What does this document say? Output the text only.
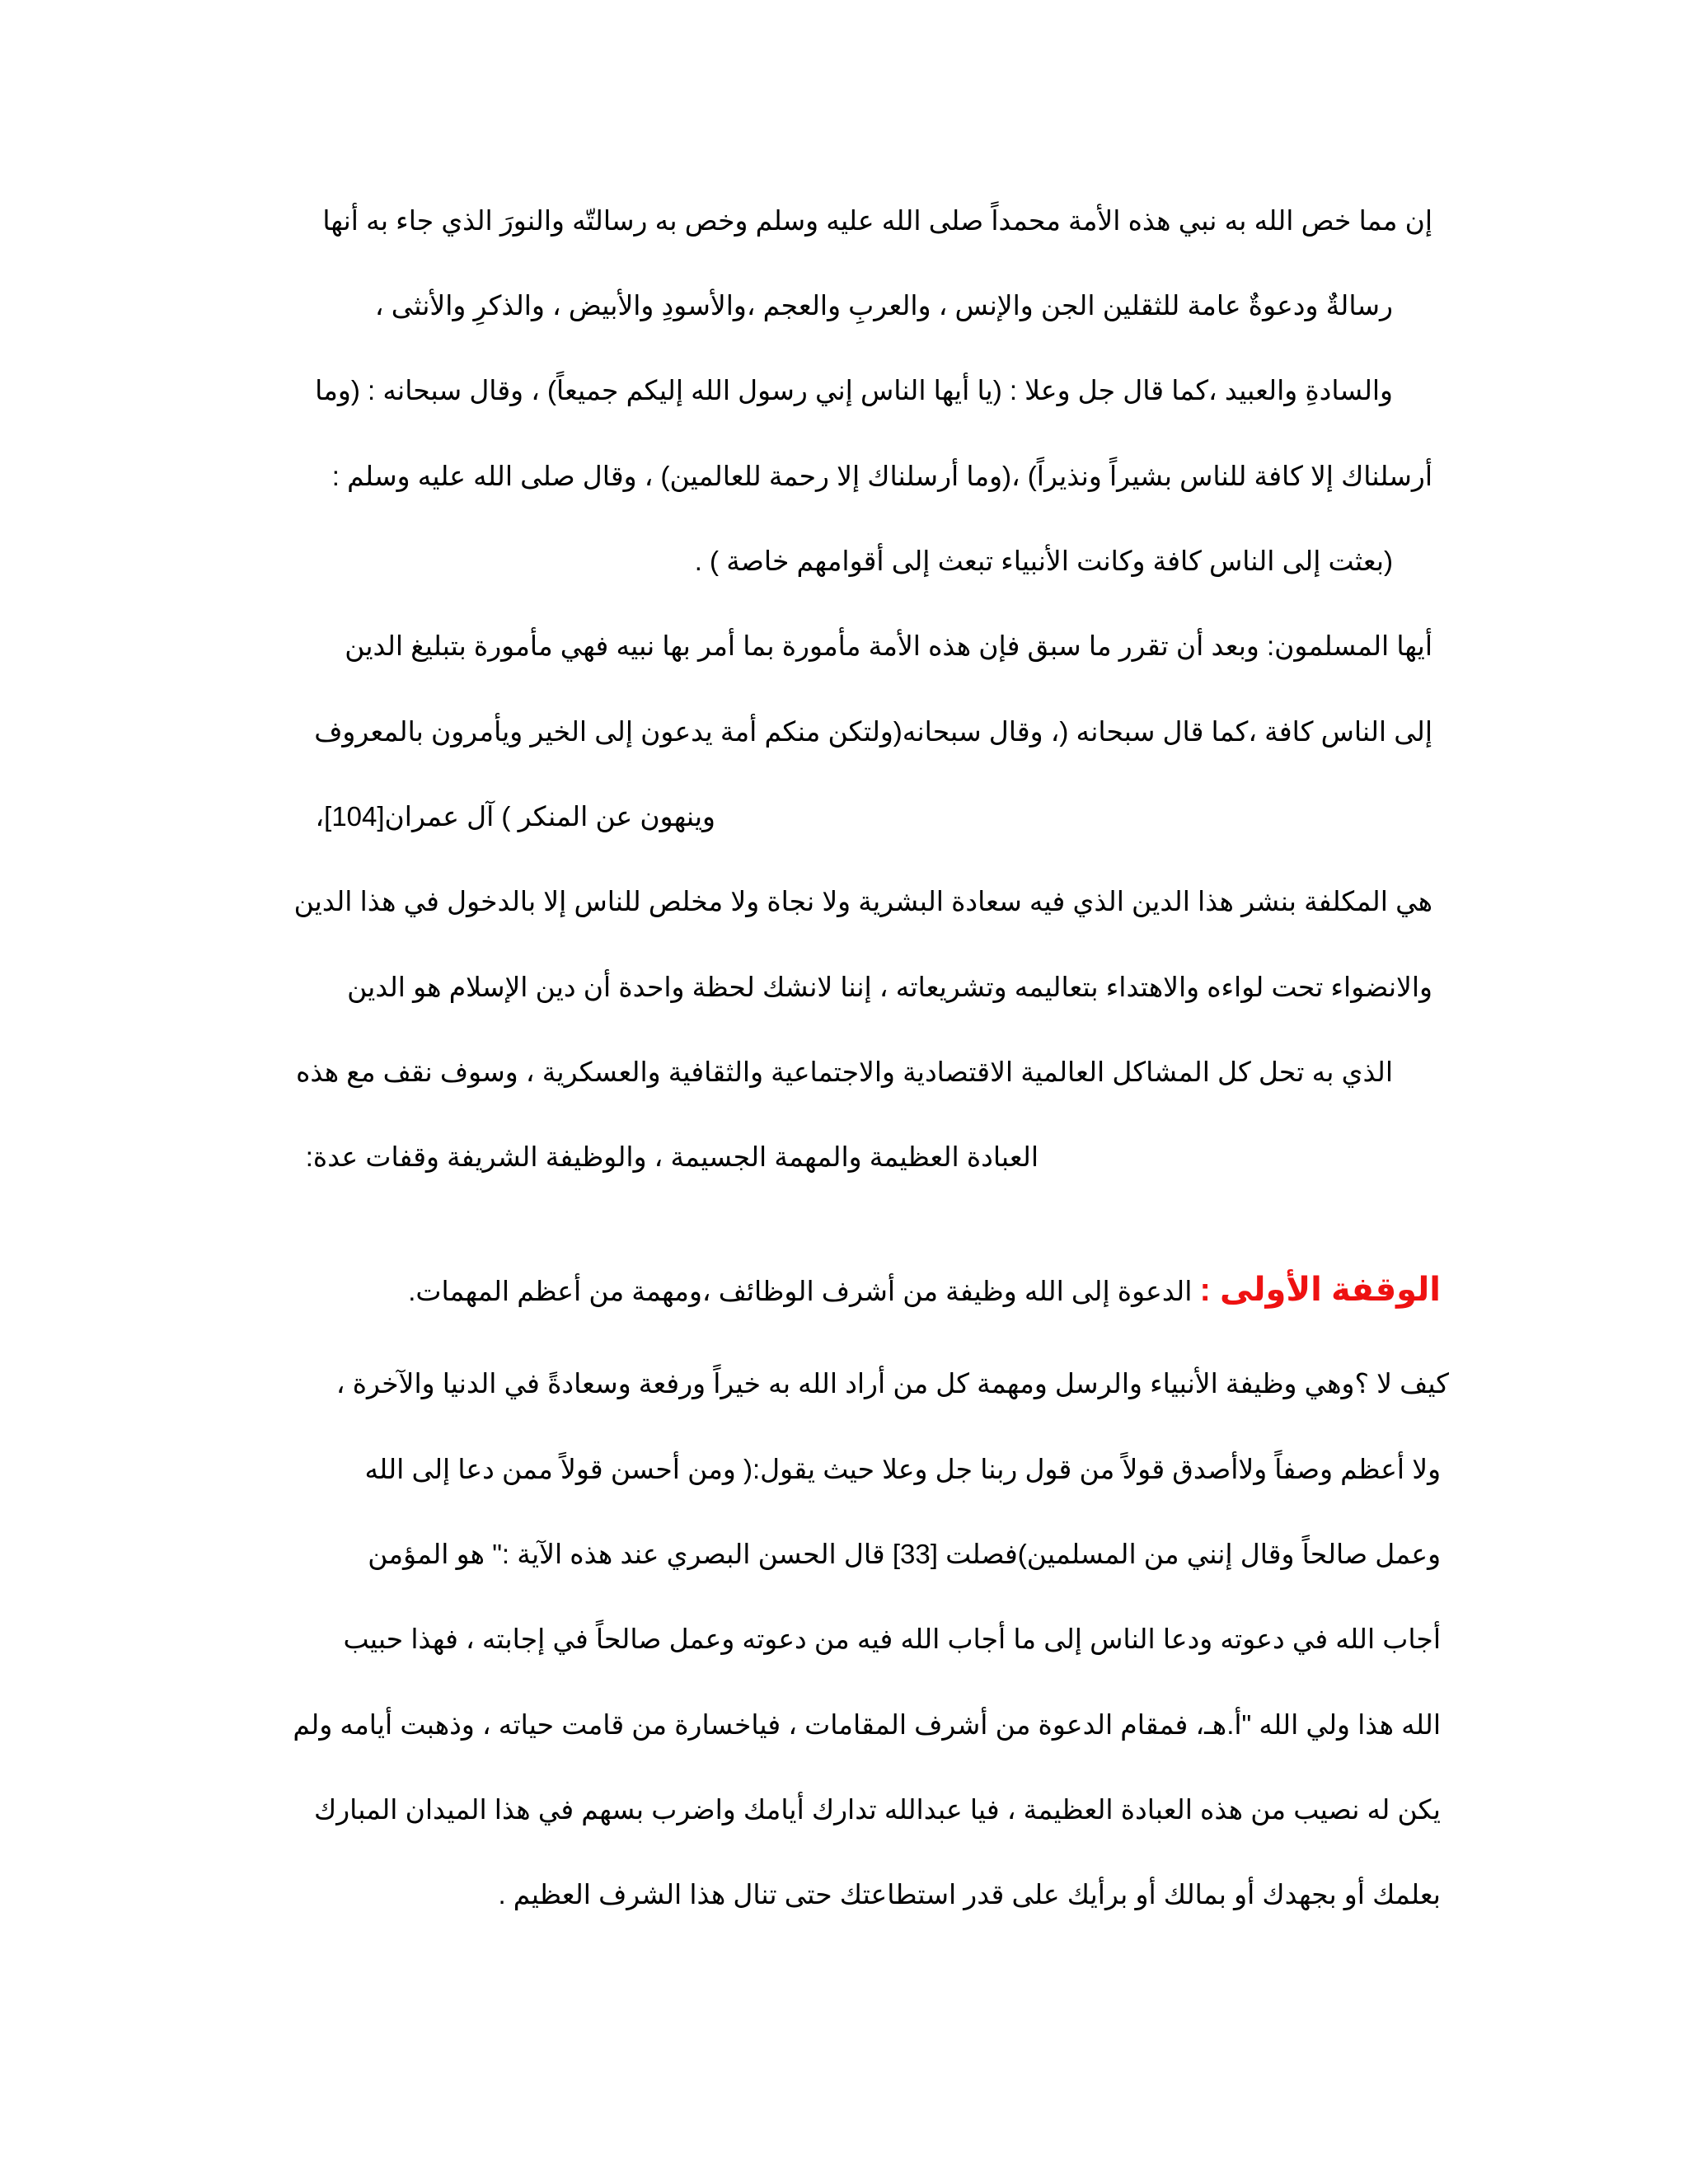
إن مما خص الله به نبي هذه الأمة محمداً صلى الله عليه وسلم وخص به رسالتّه والنورَ الذي جاء به أنها
رسالةٌ ودعوةٌ عامة للثقلين الجن والإنس ، والعربِ والعجم ،والأسودِ والأبيض ، والذكرِ والأنثى ،
والسادةِ والعبيد ،كما قال جل وعلا : (يا أيها الناس إني رسول الله إليكم جميعاً) ، وقال سبحانه : (وما
أرسلناك إلا كافة للناس بشيراً ونذيراً) ،(وما أرسلناك إلا رحمة للعالمين) ، وقال صلى الله عليه وسلم :
(بعثت إلى الناس كافة وكانت الأنبياء تبعث إلى أقوامهم خاصة ) .
أيها المسلمون: وبعد أن تقرر ما سبق فإن هذه الأمة مأمورة بما أمر بها نبيه فهي مأمورة بتبليغ الدين
إلى الناس كافة ،كما قال سبحانه (، وقال سبحانه(ولتكن منكم أمة يدعون إلى الخير ويأمرون بالمعروف
وينهون عن المنكر ) آل عمران[104]،
هي المكلفة بنشر هذا الدين الذي فيه سعادة البشرية ولا نجاة ولا مخلص للناس إلا بالدخول في هذا الدين
والانضواء تحت لواءه والاهتداء بتعاليمه وتشريعاته ، إننا لانشك لحظة واحدة أن دين الإسلام هو الدين
الذي به تحل كل المشاكل العالمية الاقتصادية والاجتماعية والثقافية والعسكرية ، وسوف نقف مع هذه
العبادة العظيمة والمهمة الجسيمة ، والوظيفة الشريفة وقفات عدة:
الوقفة الأولى : الدعوة إلى الله وظيفة من أشرف الوظائف ،ومهمة من أعظم المهمات.
كيف لا ؟وهي وظيفة الأنبياء والرسل ومهمة كل من أراد الله به خيراً ورفعة وسعادةً في الدنيا والآخرة ،
ولا أعظم وصفاً ولاأصدق قولاً من قول ربنا جل وعلا حيث يقول:( ومن أحسن قولاً ممن دعا إلى الله
وعمل صالحاً وقال إنني من المسلمين)فصلت [33] قال الحسن البصري عند هذه الآية :" هو المؤمن
أجاب الله في دعوته ودعا الناس إلى ما أجاب الله فيه من دعوته وعمل صالحاً في إجابته ، فهذا حبيب
الله هذا ولي الله "أ.هـ، فمقام الدعوة من أشرف المقامات ، فياخسارة من قامت حياته ، وذهبت أيامه ولم
يكن له نصيب من هذه العبادة العظيمة ، فيا عبدالله تدارك أيامك واضرب بسهم في هذا الميدان المبارك
بعلمك أو بجهدك أو بمالك أو برأيك على قدر استطاعتك حتى تنال هذا الشرف العظيم .
